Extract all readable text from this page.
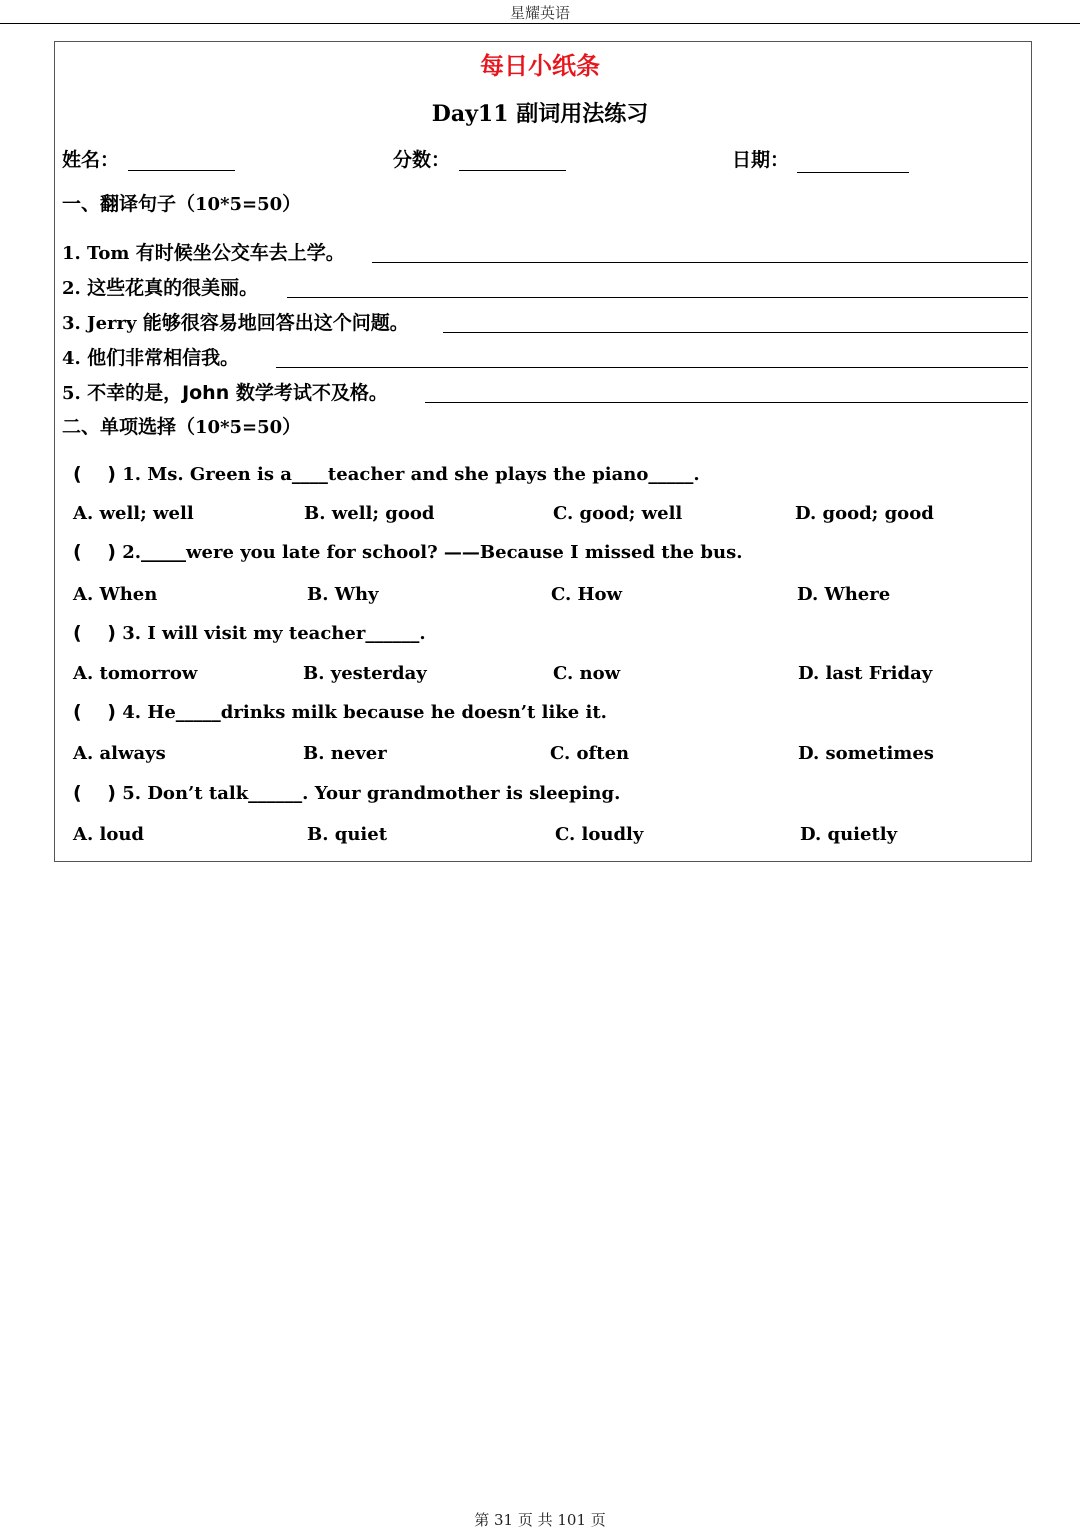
星耀英语
每日小纸条
Day11 副词用法练习
姓名：	分数：	日期：
一、翻译句子（10*5=50）
1. Tom 有时候坐公交车去上学。
2. 这些花真的很美丽。
3. Jerry 能够很容易地回答出这个问题。
4. 他们非常相信我。
5. 不幸的是，John 数学考试不及格。
二、单项选择（10*5=50）
(　 ) 1. Ms. Green is a____teacher and she plays the piano_____.
A. well; well	B. well; good	C. good; well	D. good; good
(　 ) 2._____were you late for school? ——Because I missed the bus.
A. When	B. Why	C. How	D. Where
(　 ) 3. I will visit my teacher______.
A. tomorrow	B. yesterday	C. now	D. last Friday
(　 ) 4. He_____drinks milk because he doesn’t like it.
A. always	B. never	C. often	D. sometimes
(　 ) 5. Don’t talk______. Your grandmother is sleeping.
A. loud	B. quiet	C. loudly	D. quietly
第 31 页 共 101 页
